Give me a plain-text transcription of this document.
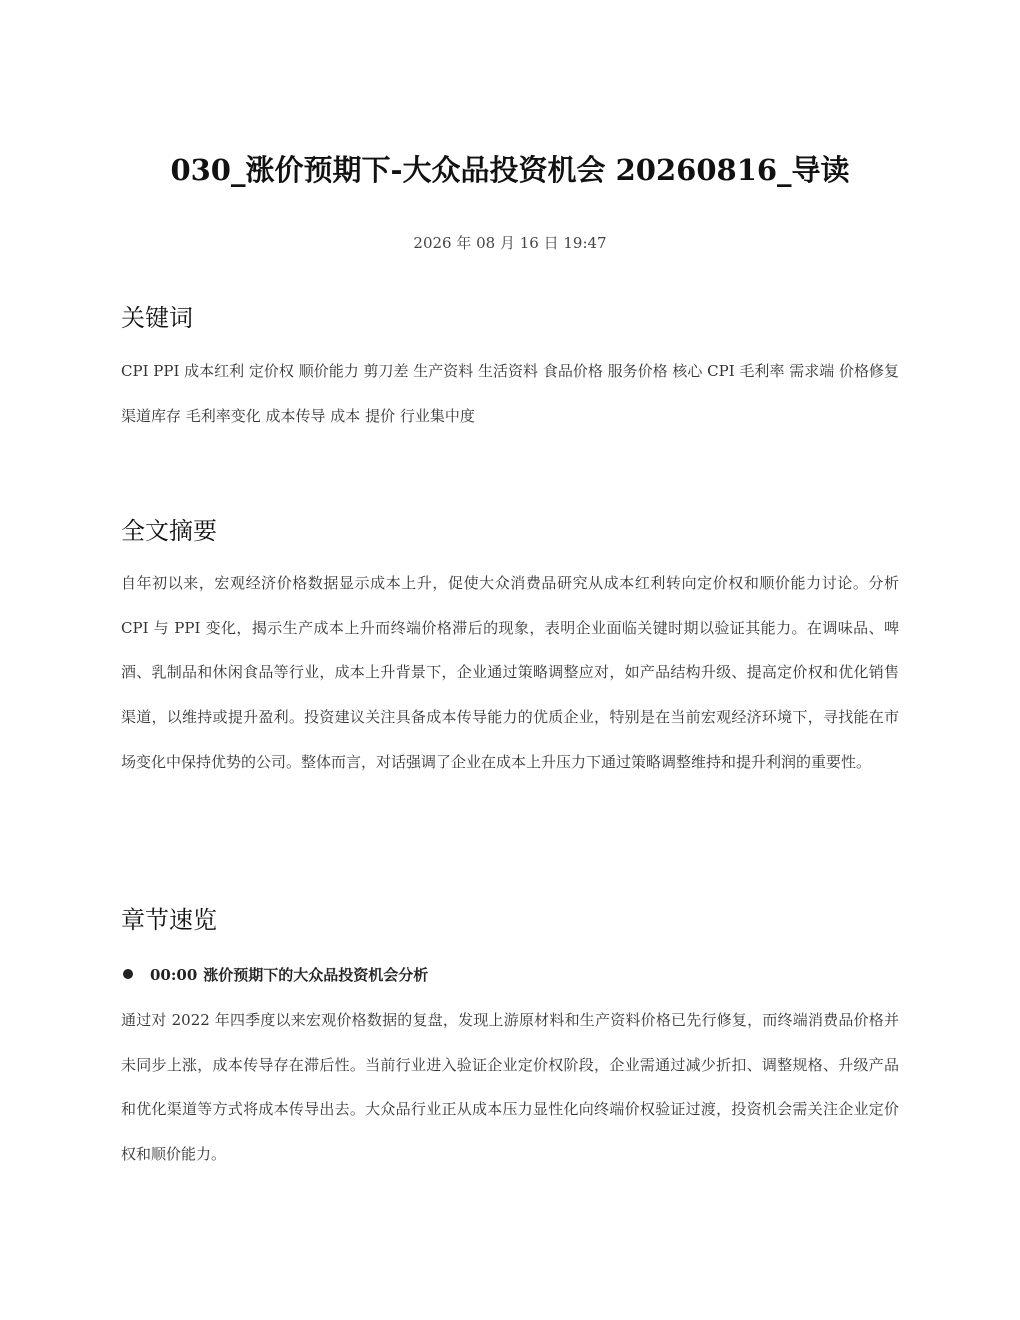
030_涨价预期下-大众品投资机会 20260816_导读
2026 年 08 月 16 日 19:47
关键词
CPI PPI 成本红利 定价权 顺价能力 剪刀差 生产资料 生活资料 食品价格 服务价格 核心 CPI 毛利率 需求端 价格修复 渠道库存 毛利率变化 成本传导 成本 提价 行业集中度
全文摘要
自年初以来，宏观经济价格数据显示成本上升，促使大众消费品研究从成本红利转向定价权和顺价能力讨论。分析 CPI 与 PPI 变化，揭示生产成本上升而终端价格滞后的现象，表明企业面临关键时期以验证其能力。在调味品、啤酒、乳制品和休闲食品等行业，成本上升背景下，企业通过策略调整应对，如产品结构升级、提高定价权和优化销售渠道，以维持或提升盈利。投资建议关注具备成本传导能力的优质企业，特别是在当前宏观经济环境下，寻找能在市场变化中保持优势的公司。整体而言，对话强调了企业在成本上升压力下通过策略调整维持和提升利润的重要性。
章节速览
00:00 涨价预期下的大众品投资机会分析
通过对 2022 年四季度以来宏观价格数据的复盘，发现上游原材料和生产资料价格已先行修复，而终端消费品价格并未同步上涨，成本传导存在滞后性。当前行业进入验证企业定价权阶段，企业需通过减少折扣、调整规格、升级产品和优化渠道等方式将成本传导出去。大众品行业正从成本压力显性化向终端价权验证过渡，投资机会需关注企业定价权和顺价能力。
